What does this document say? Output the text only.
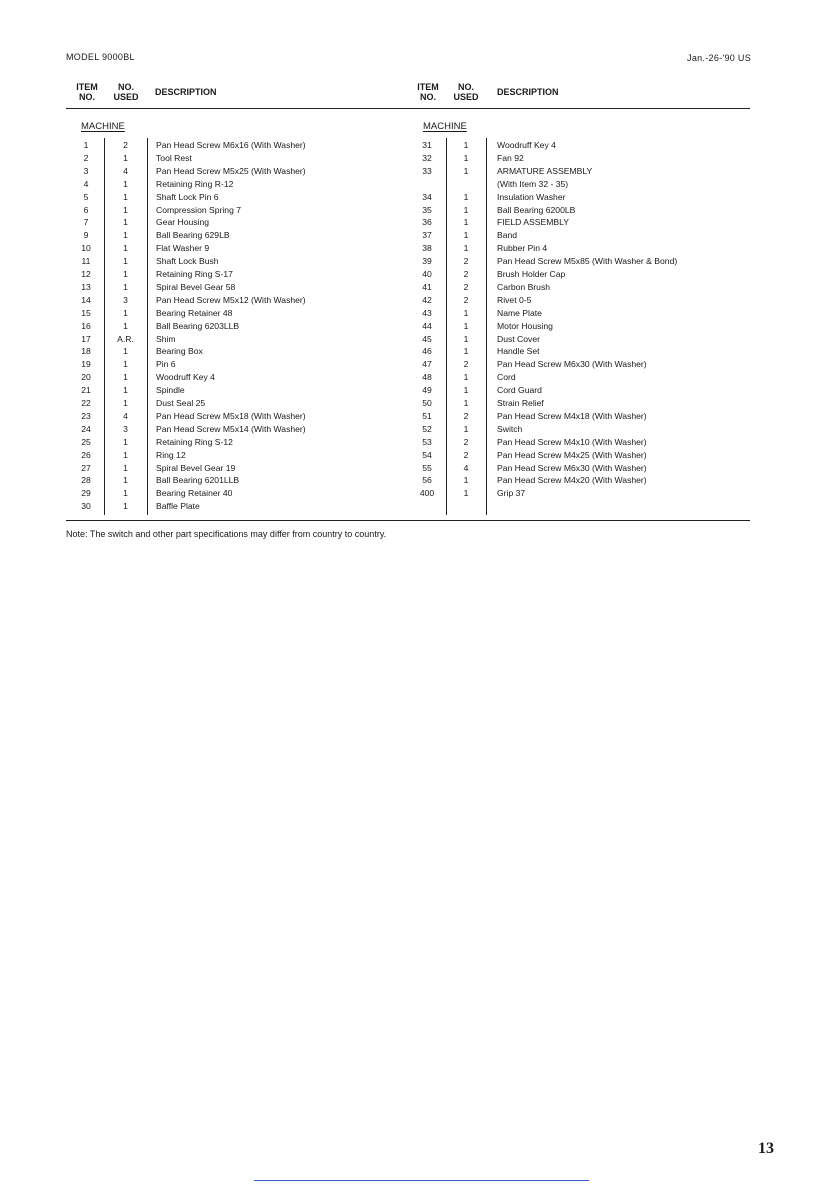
MODEL 9000BL	Jan.-26-'90 US
ITEM
NO.
NO.
USED	DESCRIPTION	ITEM
NO.
NO.
USED	DESCRIPTION
MACHINE	MACHINE
1	2	Pan Head Screw M6x16 (With Washer)
2	1	Tool Rest
3	4	Pan Head Screw M5x25 (With Washer)
4	1	Retaining Ring R-12
5	1	Shaft Lock Pin 6
6	1	Compression Spring 7
7	1	Gear Housing
9	1	Ball Bearing 629LB
10	1	Flat Washer 9
11	1	Shaft Lock Bush
12	1	Retaining Ring S-17
13	1	Spiral Bevel Gear 58
14	3	Pan Head Screw M5x12 (With Washer)
15	1	Bearing Retainer 48
16	1	Ball Bearing 6203LLB
17	A.R.	Shim
18	1	Bearing Box
19	1	Pin 6
20	1	Woodruff Key 4
21	1	Spindle
22	1	Dust Seal 25
23	4	Pan Head Screw M5x18 (With Washer)
24	3	Pan Head Screw M5x14 (With Washer)
25	1	Retaining Ring S-12
26	1	Ring 12
27	1	Spiral Bevel Gear 19
28	1	Ball Bearing 6201LLB
29	1	Bearing Retainer 40
30	1	Baffle Plate
31	1	Woodruff Key 4
32	1	Fan 92
33	1	ARMATURE ASSEMBLY
(With Item 32 - 35)
34	1	Insulation Washer
35	1	Ball Bearing 6200LB
36	1	FIELD ASSEMBLY
37	1	Band
38	1	Rubber Pin 4
39	2	Pan Head Screw M5x85 (With Washer & Bond)
40	2	Brush Holder Cap
41	2	Carbon Brush
42	2	Rivet 0-5
43	1	Name Plate
44	1	Motor Housing
45	1	Dust Cover
46	1	Handle Set
47	2	Pan Head Screw M6x30 (With Washer)
48	1	Cord
49	1	Cord Guard
50	1	Strain Relief
51	2	Pan Head Screw M4x18 (With Washer)
52	1	Switch
53	2	Pan Head Screw M4x10 (With Washer)
54	2	Pan Head Screw M4x25 (With Washer)
55	4	Pan Head Screw M6x30 (With Washer)
56	1	Pan Head Screw M4x20 (With Washer)
400	1	Grip 37
Note: The switch and other part specifications may differ from country to country.
13
